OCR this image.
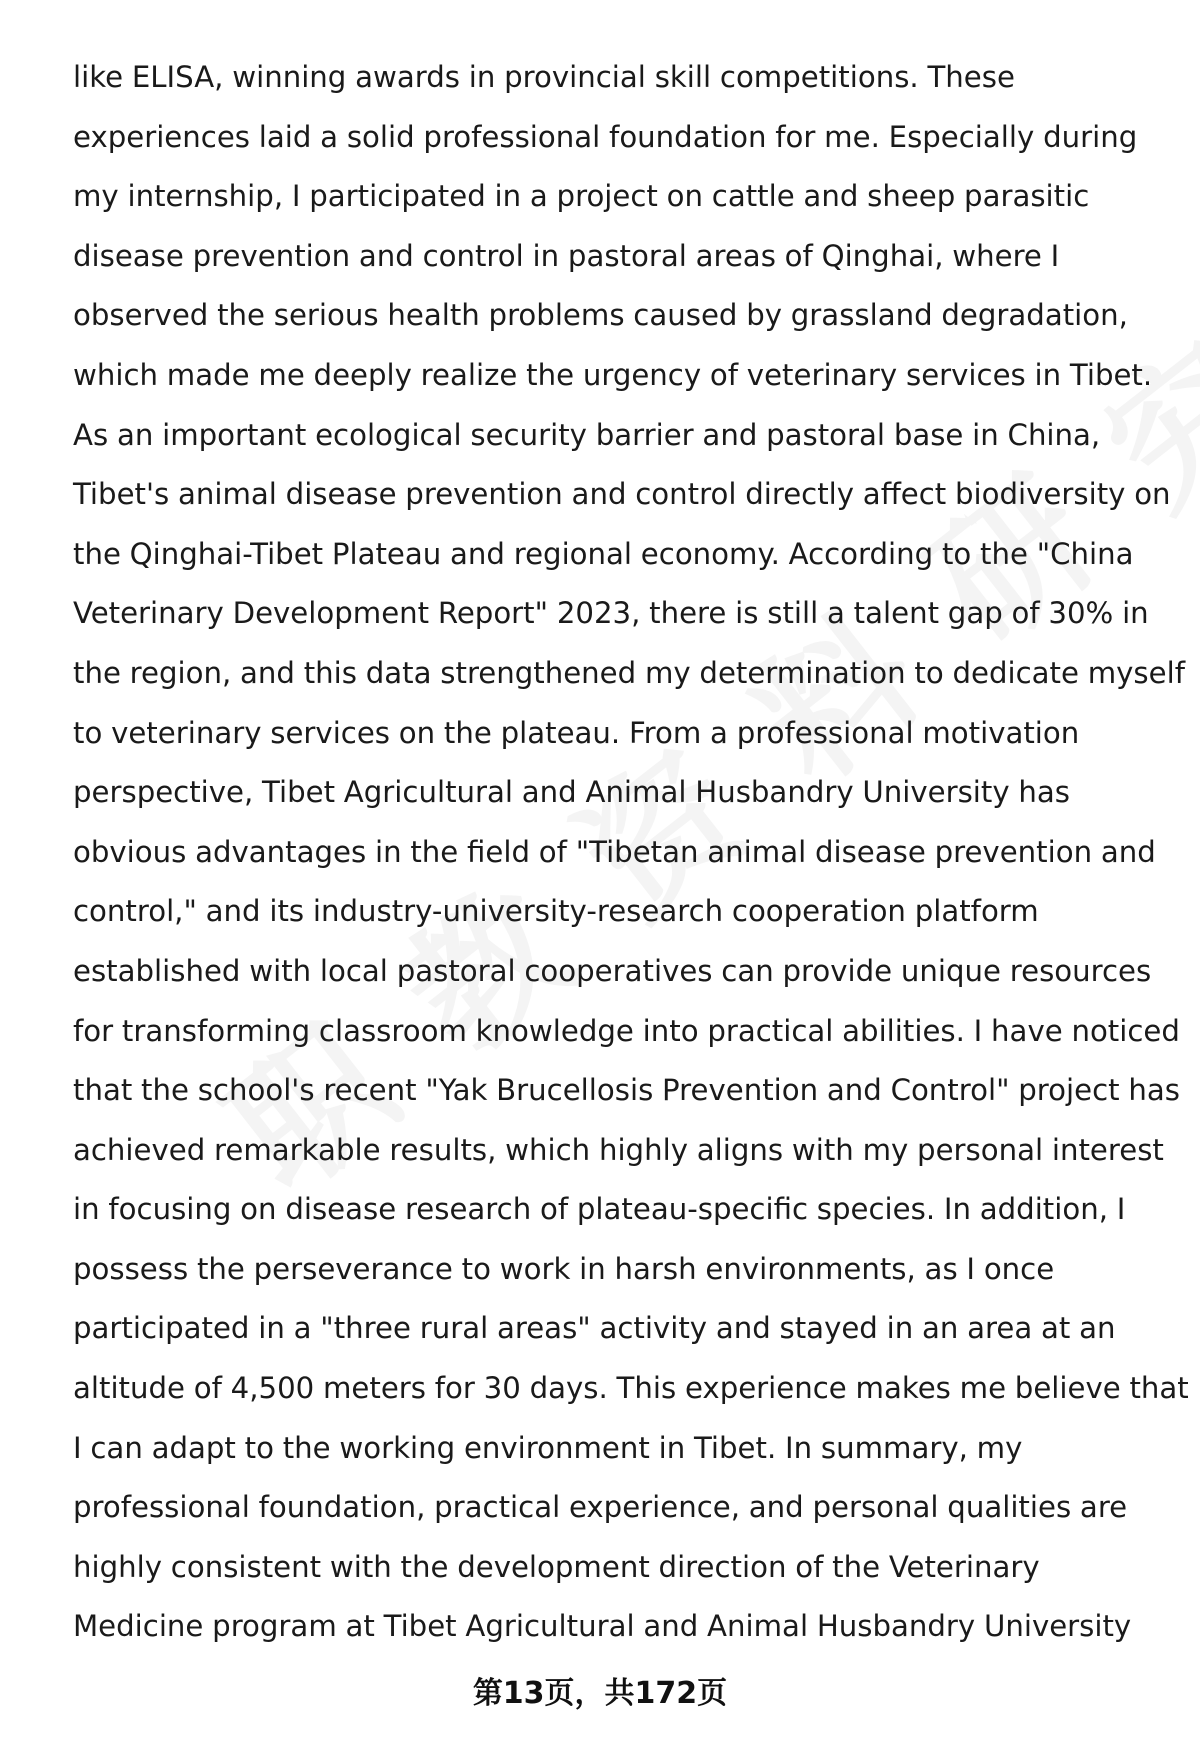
like ELISA, winning awards in provincial skill competitions. These
experiences laid a solid professional foundation for me. Especially during
my internship, I participated in a project on cattle and sheep parasitic
disease prevention and control in pastoral areas of Qinghai, where I
observed the serious health problems caused by grassland degradation,
which made me deeply realize the urgency of veterinary services in Tibet.
As an important ecological security barrier and pastoral base in China,
Tibet's animal disease prevention and control directly affect biodiversity on
the Qinghai-Tibet Plateau and regional economy. According to the "China
Veterinary Development Report" 2023, there is still a talent gap of 30% in
the region, and this data strengthened my determination to dedicate myself
to veterinary services on the plateau. From a professional motivation
perspective, Tibet Agricultural and Animal Husbandry University has
obvious advantages in the field of "Tibetan animal disease prevention and
control," and its industry-university-research cooperation platform
established with local pastoral cooperatives can provide unique resources
for transforming classroom knowledge into practical abilities. I have noticed
that the school's recent "Yak Brucellosis Prevention and Control" project has
achieved remarkable results, which highly aligns with my personal interest
in focusing on disease research of plateau-specific species. In addition, I
possess the perseverance to work in harsh environments, as I once
participated in a "three rural areas" activity and stayed in an area at an
altitude of 4,500 meters for 30 days. This experience makes me believe that
I can adapt to the working environment in Tibet. In summary, my
professional foundation, practical experience, and personal qualities are
highly consistent with the development direction of the Veterinary
Medicine program at Tibet Agricultural and Animal Husbandry University
第13页，共172页
